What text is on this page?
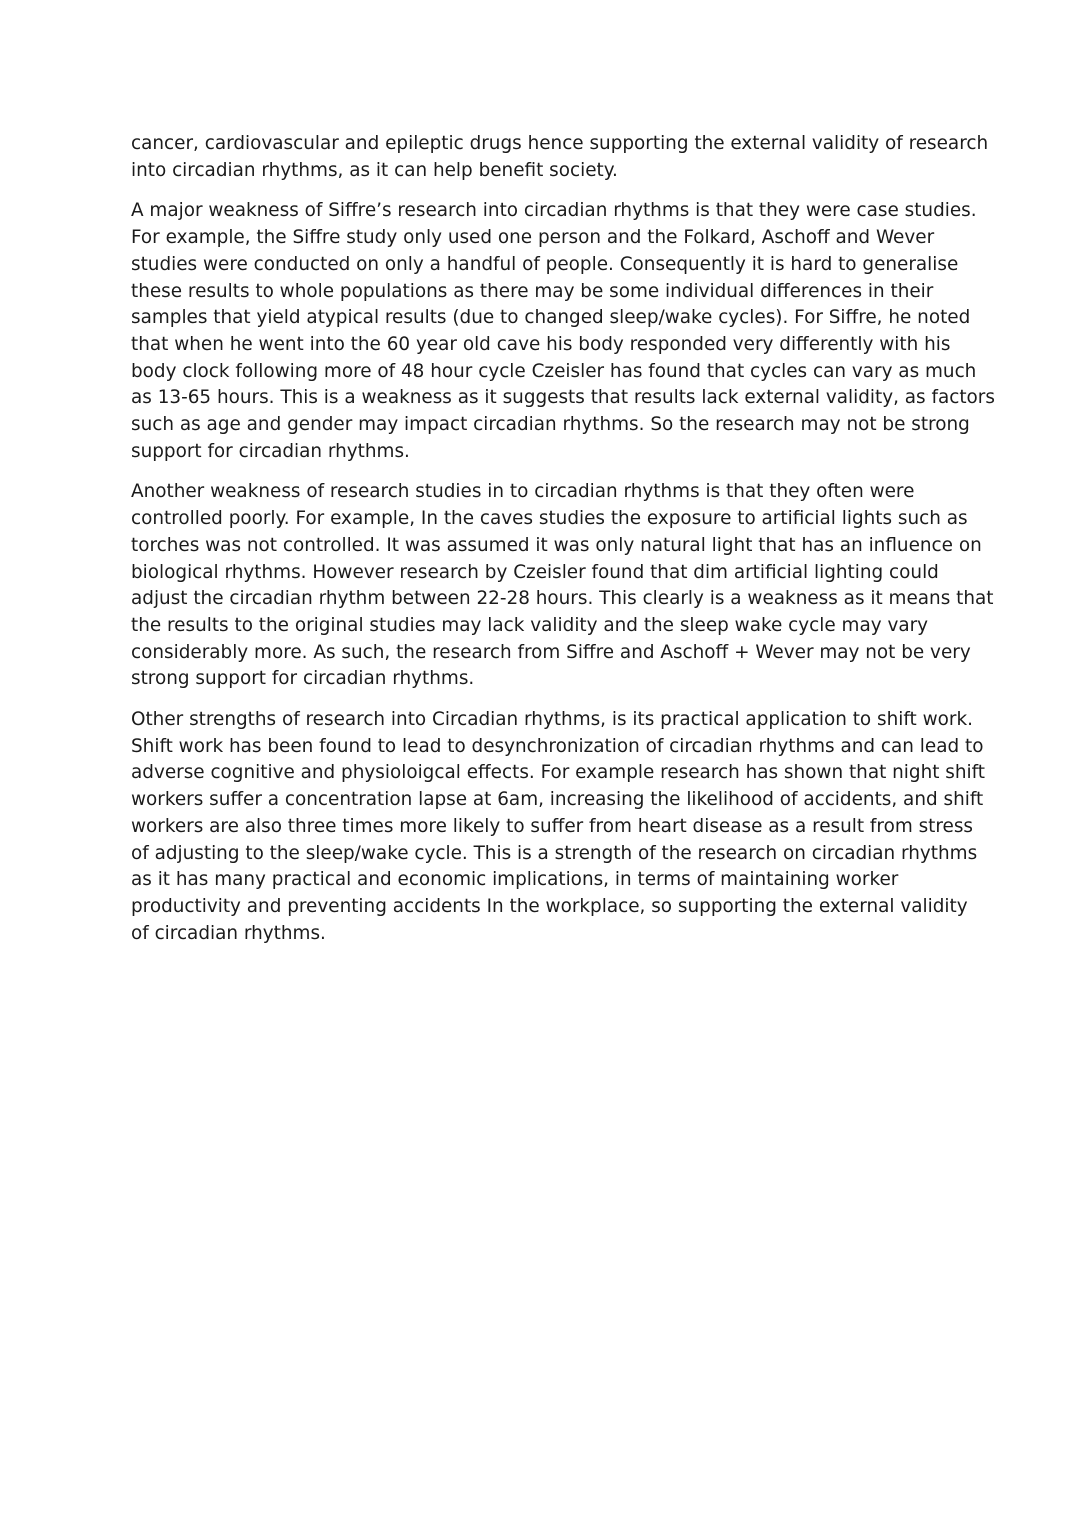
cancer, cardiovascular and epileptic drugs hence supporting the external validity of research
into circadian rhythms, as it can help benefit society.

A major weakness of Siffre’s research into circadian rhythms is that they were case studies.
For example, the Siffre study only used one person and the Folkard, Aschoff and Wever
studies were conducted on only a handful of people. Consequently it is hard to generalise
these results to whole populations as there may be some individual differences in their
samples that yield atypical results (due to changed sleep/wake cycles). For Siffre, he noted
that when he went into the 60 year old cave his body responded very differently with his
body clock following more of 48 hour cycle Czeisler has found that cycles can vary as much
as 13-65 hours. This is a weakness as it suggests that results lack external validity, as factors
such as age and gender may impact circadian rhythms. So the research may not be strong
support for circadian rhythms.

Another weakness of research studies in to circadian rhythms is that they often were
controlled poorly. For example, In the caves studies the exposure to artificial lights such as
torches was not controlled. It was assumed it was only natural light that has an influence on
biological rhythms. However research by Czeisler found that dim artificial lighting could
adjust the circadian rhythm between 22-28 hours. This clearly is a weakness as it means that
the results to the original studies may lack validity and the sleep wake cycle may vary
considerably more. As such, the research from Siffre and Aschoff + Wever may not be very
strong support for circadian rhythms.

Other strengths of research into Circadian rhythms, is its practical application to shift work.
Shift work has been found to lead to desynchronization of circadian rhythms and can lead to
adverse cognitive and physioloigcal effects. For example research has shown that night shift
workers suffer a concentration lapse at 6am, increasing the likelihood of accidents, and shift
workers are also three times more likely to suffer from heart disease as a result from stress
of adjusting to the sleep/wake cycle. This is a strength of the research on circadian rhythms
as it has many practical and economic implications, in terms of maintaining worker
productivity and preventing accidents In the workplace, so supporting the external validity
of circadian rhythms.
